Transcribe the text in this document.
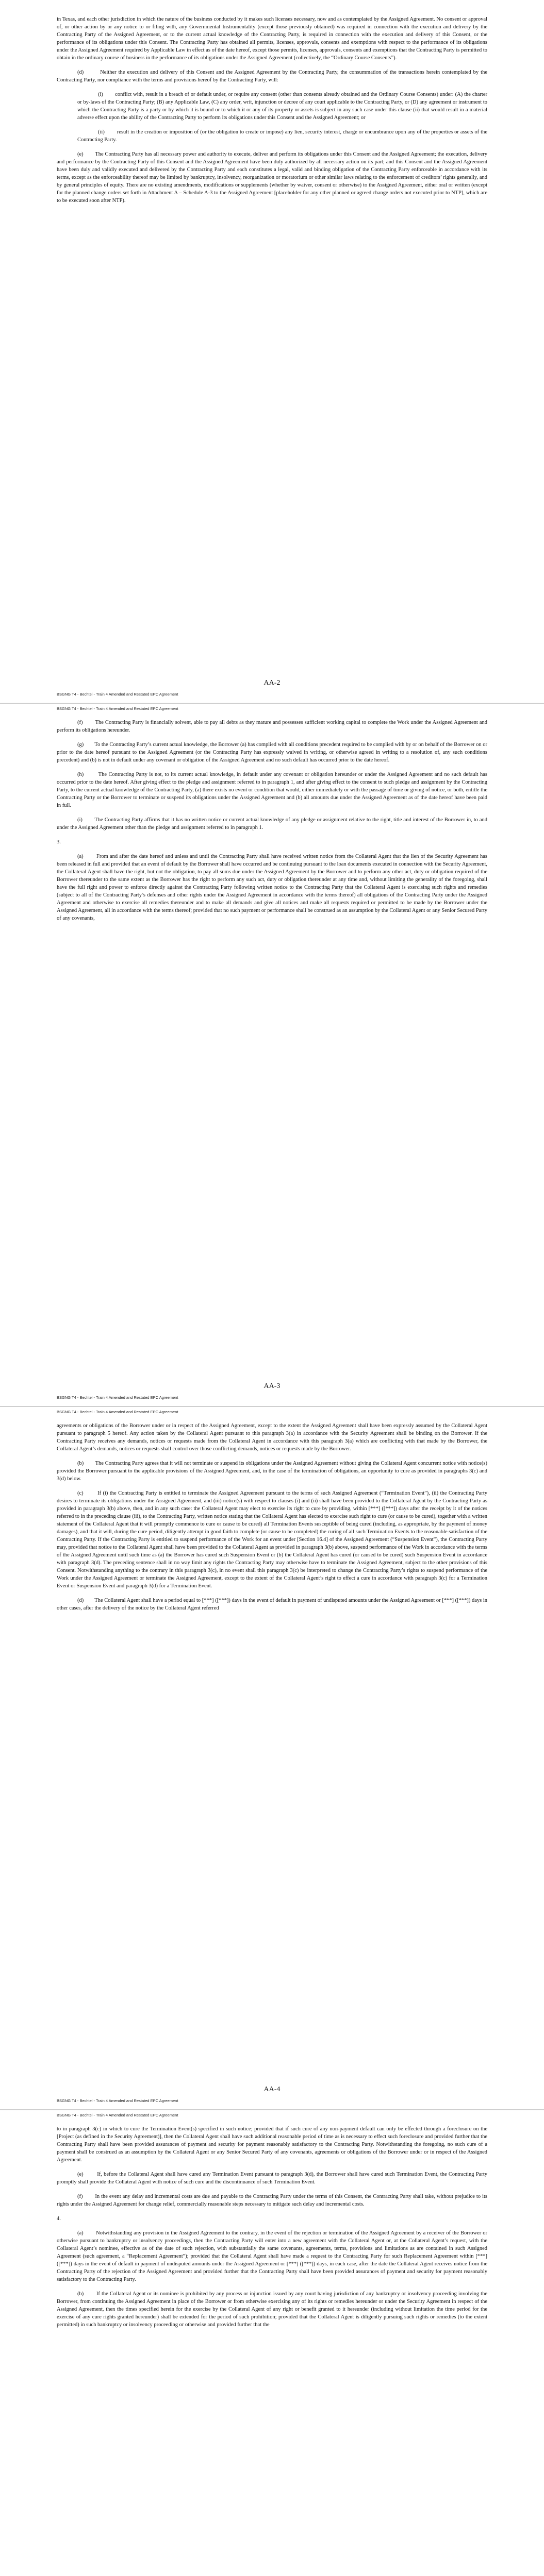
in Texas, and each other jurisdiction in which the nature of the business conducted by it makes such licenses necessary, now and as contemplated by the Assigned Agreement. No consent or approval of, or other action by or any notice to or filing with, any Governmental Instrumentality (except those previously obtained) was required in connection with the execution and delivery by the Contracting Party of the Assigned Agreement, or to the current actual knowledge of the Contracting Party, is required in connection with the execution and delivery of this Consent, or the performance of its obligations under this Consent. The Contracting Party has obtained all permits, licenses, approvals, consents and exemptions with respect to the performance of its obligations under the Assigned Agreement required by Applicable Law in effect as of the date hereof, except those permits, licenses, approvals, consents and exemptions that the Contracting Party is permitted to obtain in the ordinary course of business in the performance of its obligations under the Assigned Agreement (collectively, the “Ordinary Course Consents”).

(d)        Neither the execution and delivery of this Consent and the Assigned Agreement by the Contracting Party, the consummation of the transactions herein contemplated by the Contracting Party, nor compliance with the terms and provisions hereof by the Contracting Party, will:

(i)        conflict with, result in a breach of or default under, or require any consent (other than consents already obtained and the Ordinary Course Consents) under: (A) the charter or by-laws of the Contracting Party; (B) any Applicable Law, (C) any order, writ, injunction or decree of any court applicable to the Contracting Party, or (D) any agreement or instrument to which the Contracting Party is a party or by which it is bound or to which it or any of its property or assets is subject in any such case under this clause (ii) that would result in a material adverse effect upon the ability of the Contracting Party to perform its obligations under this Consent and the Assigned Agreement; or

(ii)        result in the creation or imposition of (or the obligation to create or impose) any lien, security interest, charge or encumbrance upon any of the properties or assets of the Contracting Party.

(e)        The Contracting Party has all necessary power and authority to execute, deliver and perform its obligations under this Consent and the Assigned Agreement; the execution, delivery and performance by the Contracting Party of this Consent and the Assigned Agreement have been duly authorized by all necessary action on its part; and this Consent and the Assigned Agreement have been duly and validly executed and delivered by the Contracting Party and each constitutes a legal, valid and binding obligation of the Contracting Party enforceable in accordance with its terms, except as the enforceability thereof may be limited by bankruptcy, insolvency, reorganization or moratorium or other similar laws relating to the enforcement of creditors’ rights generally, and by general principles of equity. There are no existing amendments, modifications or supplements (whether by waiver, consent or otherwise) to the Assigned Agreement, either oral or written (except for the planned change orders set forth in Attachment A – Schedule A-3 to the Assigned Agreement [placeholder for any other planned or agreed change orders not executed prior to NTP], which are to be executed soon after NTP).

AA-2
BSGNG T4 - Bechtel - Train 4 Amended and Restated EPC Agreement
BSGNG T4 - Bechtel - Train 4 Amended and Restated EPC Agreement

(f)        The Contracting Party is financially solvent, able to pay all debts as they mature and possesses sufficient working capital to complete the Work under the Assigned Agreement and perform its obligations hereunder.

(g)        To the Contracting Party’s current actual knowledge, the Borrower (a) has complied with all conditions precedent required to be complied with by or on behalf of the Borrower on or prior to the date hereof pursuant to the Assigned Agreement (or the Contracting Party has expressly waived in writing, or otherwise agreed in writing to a resolution of, any such conditions precedent) and (b) is not in default under any covenant or obligation of the Assigned Agreement and no such default has occurred prior to the date hereof.

(h)        The Contracting Party is not, to its current actual knowledge, in default under any covenant or obligation hereunder or under the Assigned Agreement and no such default has occurred prior to the date hereof. After giving effect to the pledge and assignment referred to in paragraph 1, and after giving effect to the consent to such pledge and assignment by the Contracting Party, to the current actual knowledge of the Contracting Party, (a) there exists no event or condition that would, either immediately or with the passage of time or giving of notice, or both, entitle the Contracting Party or the Borrower to terminate or suspend its obligations under the Assigned Agreement and (b) all amounts due under the Assigned Agreement as of the date hereof have been paid in full.

(i)        The Contracting Party affirms that it has no written notice or current actual knowledge of any pledge or assignment relative to the right, title and interest of the Borrower in, to and under the Assigned Agreement other than the pledge and assignment referred to in paragraph 1.

3.

(a)        From and after the date hereof and unless and until the Contracting Party shall have received written notice from the Collateral Agent that the lien of the Security Agreement has been released in full and provided that an event of default by the Borrower shall have occurred and be continuing pursuant to the loan documents executed in connection with the Security Agreement, the Collateral Agent shall have the right, but not the obligation, to pay all sums due under the Assigned Agreement by the Borrower and to perform any other act, duty or obligation required of the Borrower thereunder to the same extent as the Borrower has the right to perform any such act, duty or obligation thereunder at any time and, without limiting the generality of the foregoing, shall have the full right and power to enforce directly against the Contracting Party following written notice to the Contracting Party that the Collateral Agent is exercising such rights and remedies (subject to all of the Contracting Party’s defenses and other rights under the Assigned Agreement in accordance with the terms thereof) all obligations of the Contracting Party under the Assigned Agreement and otherwise to exercise all remedies thereunder and to make all demands and give all notices and make all requests required or permitted to be made by the Borrower under the Assigned Agreement, all in accordance with the terms thereof; provided that no such payment or performance shall be construed as an assumption by the Collateral Agent or any Senior Secured Party of any covenants,

AA-3
BSGNG T4 - Bechtel - Train 4 Amended and Restated EPC Agreement
BSGNG T4 - Bechtel - Train 4 Amended and Restated EPC Agreement

agreements or obligations of the Borrower under or in respect of the Assigned Agreement, except to the extent the Assigned Agreement shall have been expressly assumed by the Collateral Agent pursuant to paragraph 5 hereof. Any action taken by the Collateral Agent pursuant to this paragraph 3(a) in accordance with the Security Agreement shall be binding on the Borrower. If the Contracting Party receives any demands, notices or requests made from the Collateral Agent in accordance with this paragraph 3(a) which are conflicting with that made by the Borrower, the Collateral Agent’s demands, notices or requests shall control over those conflicting demands, notices or requests made by the Borrower.

(b)        The Contracting Party agrees that it will not terminate or suspend its obligations under the Assigned Agreement without giving the Collateral Agent concurrent notice with notice(s) provided the Borrower pursuant to the applicable provisions of the Assigned Agreement, and, in the case of the termination of obligations, an opportunity to cure as provided in paragraphs 3(c) and 3(d) below.

(c)        If (i) the Contracting Party is entitled to terminate the Assigned Agreement pursuant to the terms of such Assigned Agreement (“Termination Event”), (ii) the Contracting Party desires to terminate its obligations under the Assigned Agreement, and (iii) notice(s) with respect to clauses (i) and (ii) shall have been provided to the Collateral Agent by the Contracting Party as provided in paragraph 3(b) above, then, and in any such case: the Collateral Agent may elect to exercise its right to cure by providing, within [***] ([***]) days after the receipt by it of the notices referred to in the preceding clause (iii), to the Contracting Party, written notice stating that the Collateral Agent has elected to exercise such right to cure (or cause to be cured), together with a written statement of the Collateral Agent that it will promptly commence to cure or cause to be cured) all Termination Events susceptible of being cured (including, as appropriate, by the payment of money damages), and that it will, during the cure period, diligently attempt in good faith to complete (or cause to be completed) the curing of all such Termination Events to the reasonable satisfaction of the Contracting Party. If the Contracting Party is entitled to suspend performance of the Work for an event under [Section 16.4] of the Assigned Agreement (“Suspension Event”), the Contracting Party may, provided that notice to the Collateral Agent shall have been provided to the Collateral Agent as provided in paragraph 3(b) above, suspend performance of the Work in accordance with the terms of the Assigned Agreement until such time as (a) the Borrower has cured such Suspension Event or (b) the Collateral Agent has cured (or caused to be cured) such Suspension Event in accordance with paragraph 3(d). The preceding sentence shall in no way limit any rights the Contracting Party may otherwise have to terminate the Assigned Agreement, subject to the other provisions of this Consent. Notwithstanding anything to the contrary in this paragraph 3(c), in no event shall this paragraph 3(c) be interpreted to change the Contracting Party’s rights to suspend performance of the Work under the Assigned Agreement or terminate the Assigned Agreement, except to the extent of the Collateral Agent’s right to effect a cure in accordance with paragraph 3(c) for a Termination Event or Suspension Event and paragraph 3(d) for a Termination Event.

(d)        The Collateral Agent shall have a period equal to [***] ([***]) days in the event of default in payment of undisputed amounts under the Assigned Agreement or [***] ([***]) days in other cases, after the delivery of the notice by the Collateral Agent referred

AA-4
BSGNG T4 - Bechtel - Train 4 Amended and Restated EPC Agreement
BSGNG T4 - Bechtel - Train 4 Amended and Restated EPC Agreement

to in paragraph 3(c) in which to cure the Termination Event(s) specified in such notice; provided that if such cure of any non-payment default can only be effected through a foreclosure on the [Project (as defined in the Security Agreement)], then the Collateral Agent shall have such additional reasonable period of time as is necessary to effect such foreclosure and provided further that the Contracting Party shall have been provided assurances of payment and security for payment reasonably satisfactory to the Contracting Party. Notwithstanding the foregoing, no such cure of a payment shall be construed as an assumption by the Collateral Agent or any Senior Secured Party of any covenants, agreements or obligations of the Borrower under or in respect of the Assigned Agreement.

(e)        If, before the Collateral Agent shall have cured any Termination Event pursuant to paragraph 3(d), the Borrower shall have cured such Termination Event, the Contracting Party promptly shall provide the Collateral Agent with notice of such cure and the discontinuance of such Termination Event.

(f)        In the event any delay and incremental costs are due and payable to the Contracting Party under the terms of this Consent, the Contracting Party shall take, without prejudice to its rights under the Assigned Agreement for change relief, commercially reasonable steps necessary to mitigate such delay and incremental costs.

4.

(a)        Notwithstanding any provision in the Assigned Agreement to the contrary, in the event of the rejection or termination of the Assigned Agreement by a receiver of the Borrower or otherwise pursuant to bankruptcy or insolvency proceedings, then the Contracting Party will enter into a new agreement with the Collateral Agent or, at the Collateral Agent’s request, with the Collateral Agent’s nominee, effective as of the date of such rejection, with substantially the same covenants, agreements, terms, provisions and limitations as are contained in such Assigned Agreement (such agreement, a “Replacement Agreement”); provided that the Collateral Agent shall have made a request to the Contracting Party for such Replacement Agreement within [***] ([***]) days in the event of default in payment of undisputed amounts under the Assigned Agreement or [***] ([***]) days, in each case, after the date the Collateral Agent receives notice from the Contracting Party of the rejection of the Assigned Agreement and provided further that the Contracting Party shall have been provided assurances of payment and security for payment reasonably satisfactory to the Contracting Party.

(b)        If the Collateral Agent or its nominee is prohibited by any process or injunction issued by any court having jurisdiction of any bankruptcy or insolvency proceeding involving the Borrower, from continuing the Assigned Agreement in place of the Borrower or from otherwise exercising any of its rights or remedies hereunder or under the Security Agreement in respect of the Assigned Agreement, then the times specified herein for the exercise by the Collateral Agent of any right or benefit granted to it hereunder (including without limitation the time period for the exercise of any cure rights granted hereunder) shall be extended for the period of such prohibition; provided that the Collateral Agent is diligently pursuing such rights or remedies (to the extent permitted) in such bankruptcy or insolvency proceeding or otherwise and provided further that the
